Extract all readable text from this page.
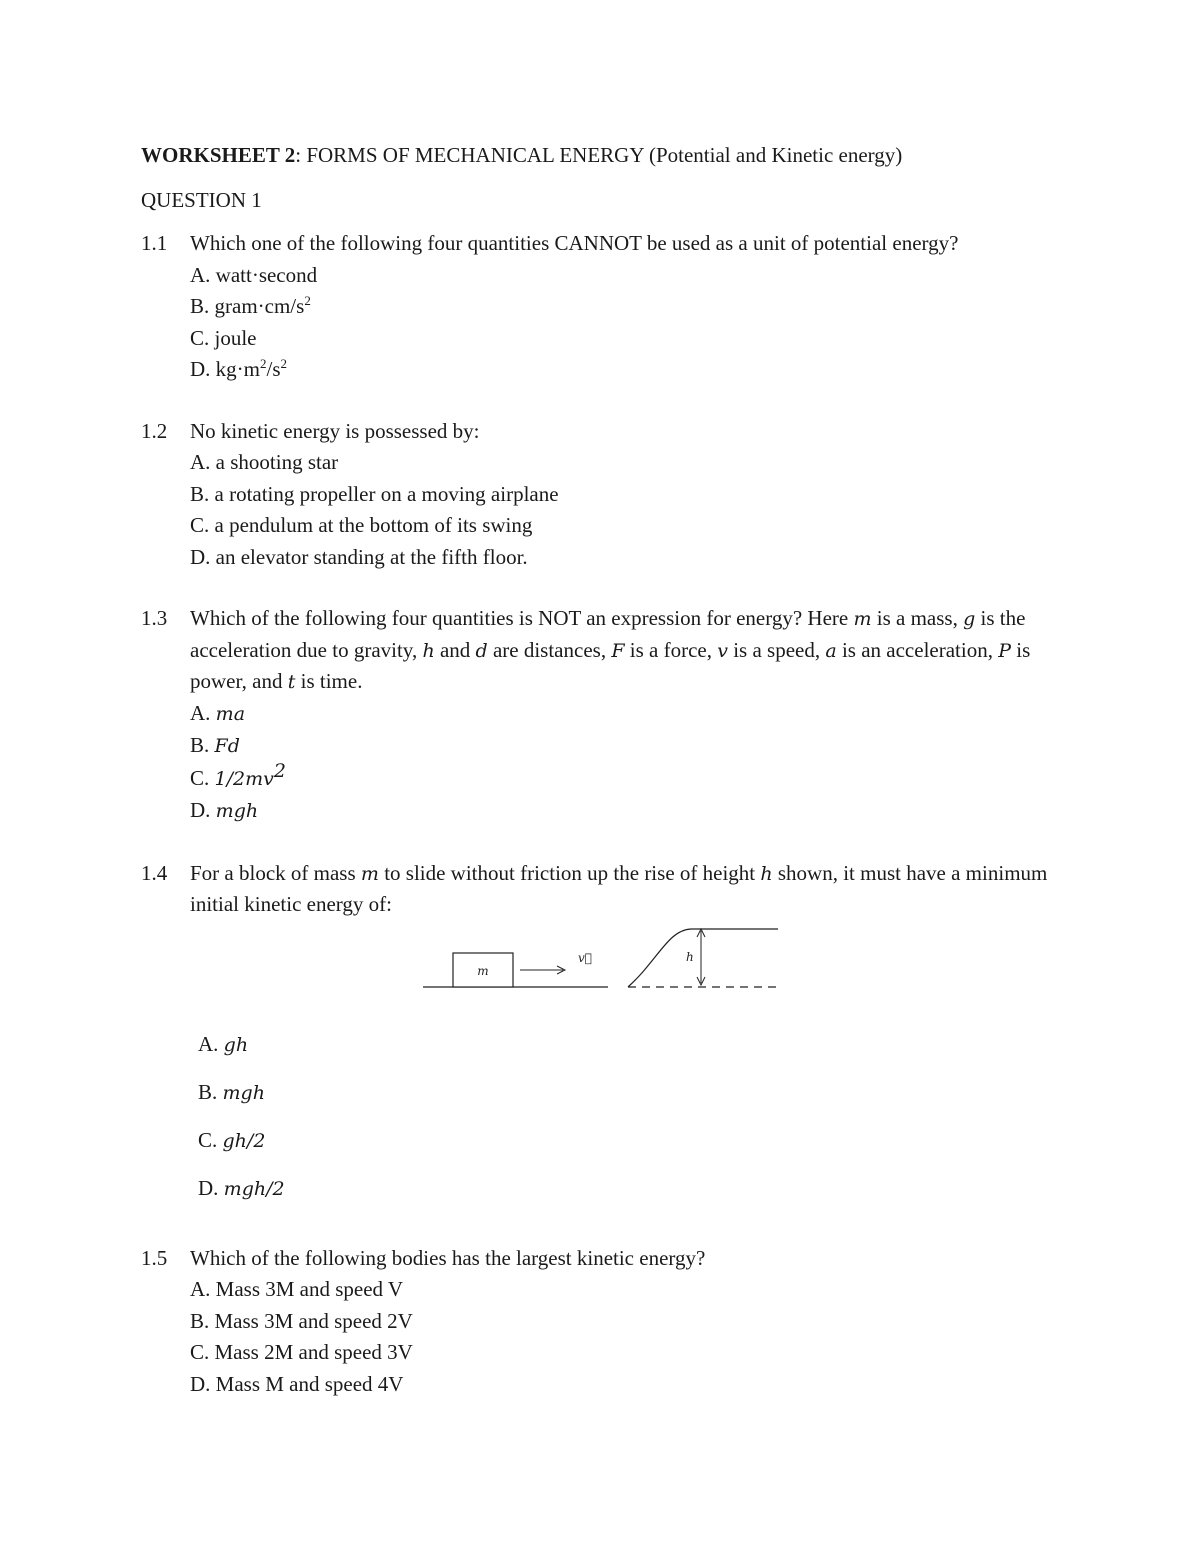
WORKSHEET 2: FORMS OF MECHANICAL ENERGY (Potential and Kinetic energy)
QUESTION 1
1.1 Which one of the following four quantities CANNOT be used as a unit of potential energy?
A. watt·second
B. $gram\cdot cm/s^2$
C. joule
D. $kg\cdot m^2/s^2$
1.2 No kinetic energy is possessed by:
A. a shooting star
B. a rotating propeller on a moving airplane
C. a pendulum at the bottom of its swing
D. an elevator standing at the fifth floor.
1.3 Which of the following four quantities is NOT an expression for energy? Here m is a mass, g is the acceleration due to gravity, h and d are distances, F is a force, v is a speed, a is an acceleration, P is power, and t is time.
A. ma
B. Fd
C. $1/2mv^2$
D. mgh
1.4 For a block of mass m to slide without friction up the rise of height h shown, it must have a minimum initial kinetic energy of:
m
v⃗	h
A. gh
B. mgh
C. gh/2
D. mgh/2
1.5 Which of the following bodies has the largest kinetic energy?
A. Mass 3M and speed V
B. Mass 3M and speed 2V
C. Mass 2M and speed 3V
D. Mass M and speed 4V
